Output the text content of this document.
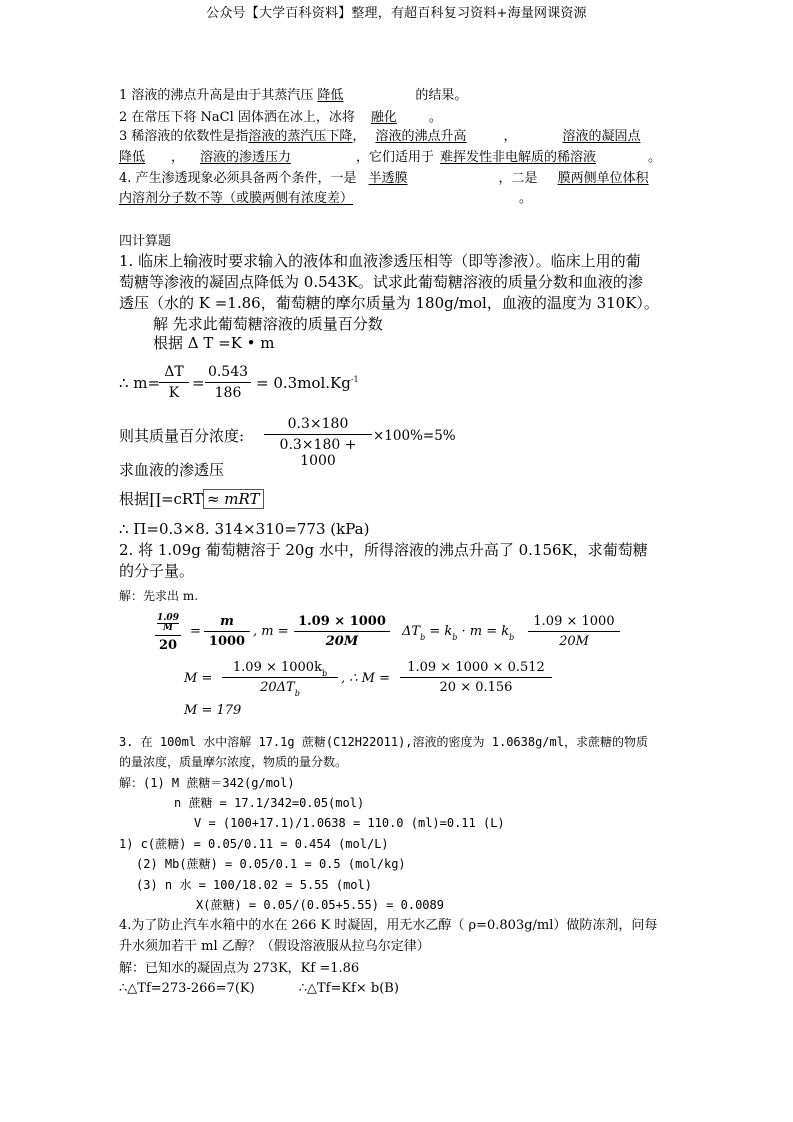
公众号【大学百科资料】整理，有超百科复习资料+海量网课资源
1 溶液的沸点升高是由于其蒸汽压 降低	的结果。
2 在常压下将 NaCl 固体洒在冰上，冰将 融化 。
3 稀溶液的依数性是指溶液的蒸汽压下降， 溶液的沸点升高	，	溶液的凝固点
降低 ， 溶液的渗透压力	，它们适用于 难挥发性非电解质的稀溶液	。
4. 产生渗透现象必须具备两个条件，一是 半透膜	，二是 膜两侧单位体积
内溶剂分子数不等（或膜两侧有浓度差）	。
四计算题
1. 临床上输液时要求输入的液体和血液渗透压相等（即等渗液）。临床上用的葡
萄糖等渗液的凝固点降低为 0.543K。试求此葡萄糖溶液的质量分数和血液的渗
透压（水的 K =1.86，葡萄糖的摩尔质量为 180g/mol，血液的温度为 310K）。
解 先求此葡萄糖溶液的质量百分数
根据 Δ T =K • m
∴ m=
$\frac{\Delta T}{K} = \frac{0.543}{186} = 0.3mol.Kg^{-1}$
则其质量百分浓度: $\frac{0.3\times 180}{0.3\times 180 + 1000} \times 100\%=5\%$
求血液的渗透压
根据∏=cRT ≈ mRT
∴ Π=0.3×8. 314×310=773 (kPa)
2. 将 1.09g 葡萄糖溶于 20g 水中，所得溶液的沸点升高了 0.156K，求葡萄糖
的分子量。
解：先求出 m.
1.09
M
20
= $\frac{m}{1000}$ , $m = \frac{1.09 \times 1000}{20M} \Delta T_b = k_b \cdot m = k_b \frac{1.09 \times 1000}{20M}$
M =
$1.09 \times 1000k_b$
$20\Delta T_b$
, ∴ $M = \frac{1.09 \times 1000 \times 0.512}{20 \times 0.156}$
M = 179
3. 在 100ml 水中溶解 17.1g 蔗糖(C12H22O11),溶液的密度为 1.0638g/ml，求蔗糖的物质
的量浓度，质量摩尔浓度，物质的量分数。
解：(1) M 蔗糖＝342(g/mol)
n 蔗糖 = 17.1/342=0.05(mol)
V = (100+17.1)/1.0638 = 110.0 (ml)=0.11 (L)
1) c(蔗糖) = 0.05/0.11 = 0.454 (mol/L)
(2) Mb(蔗糖) = 0.05/0.1 = 0.5 (mol/kg)
(3) n 水 = 100/18.02 = 5.55 (mol)
X(蔗糖) = 0.05/(0.05+5.55) = 0.0089
4.为了防止汽车水箱中的水在 266 K 时凝固，用无水乙醇（ ρ=0.803g/ml）做防冻剂，问每
升水须加若干 ml 乙醇？（假设溶液服从拉乌尔定律）
解：已知水的凝固点为 273K，Kf =1.86
∴△Tf=273-266=7(K)	∴△Tf=Kf× b(B)
